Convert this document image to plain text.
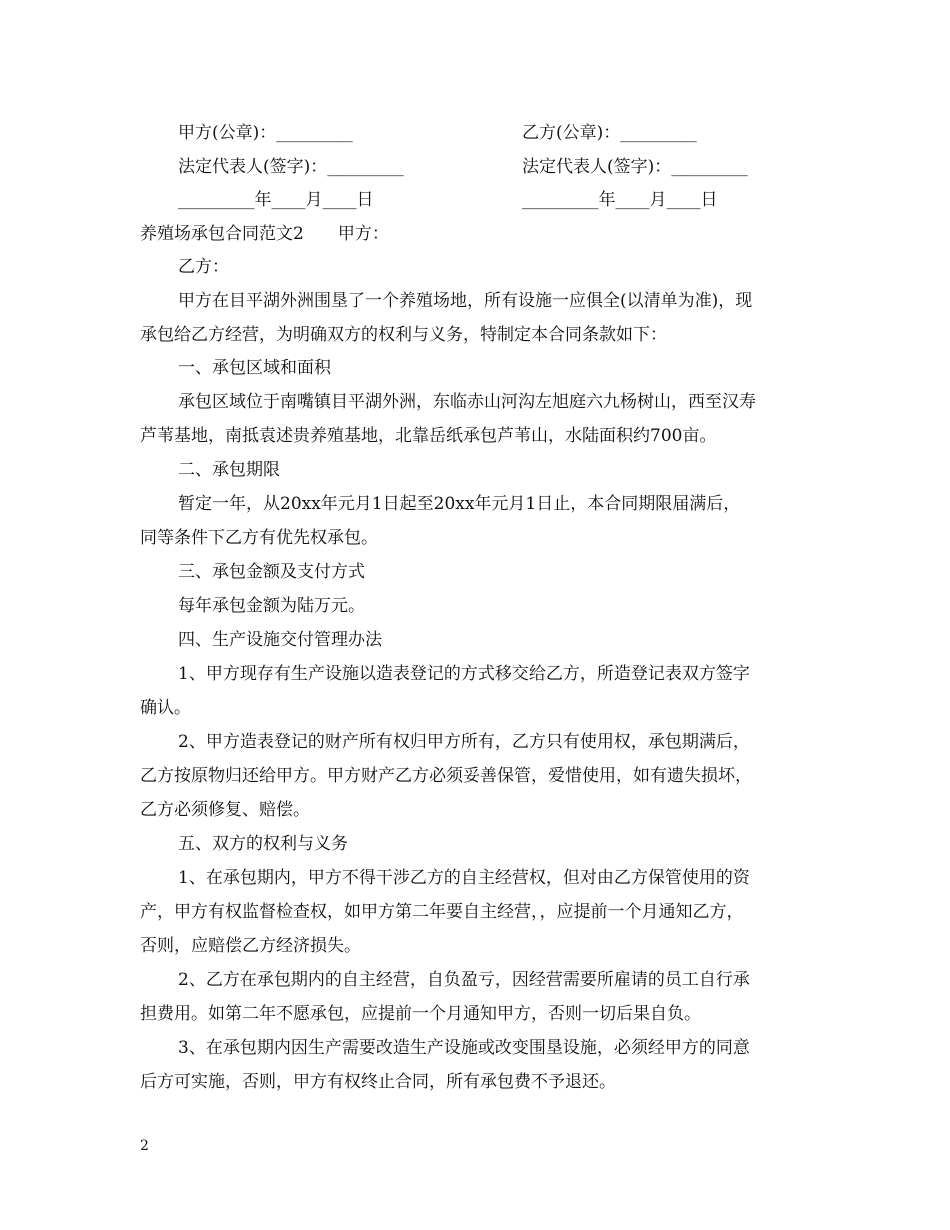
甲方(公章)：_________	乙方(公章)：_________
法定代表人(签字)：_________	法定代表人(签字)：_________
_________年____月____日	_________年____月____日
养殖场承包合同范文2　　甲方：
乙方：
甲方在目平湖外洲围垦了一个养殖场地，所有设施一应俱全(以清单为准)，现
承包给乙方经营，为明确双方的权利与义务，特制定本合同条款如下：
一、承包区域和面积
承包区域位于南嘴镇目平湖外洲，东临赤山河沟左旭庭六九杨树山，西至汉寿
芦苇基地，南抵袁述贵养殖基地，北靠岳纸承包芦苇山，水陆面积约700亩。
二、承包期限
暂定一年，从20xx年元月1日起至20xx年元月1日止，本合同期限届满后，
同等条件下乙方有优先权承包。
三、承包金额及支付方式
每年承包金额为陆万元。
四、生产设施交付管理办法
1、甲方现存有生产设施以造表登记的方式移交给乙方，所造登记表双方签字
确认。
2、甲方造表登记的财产所有权归甲方所有，乙方只有使用权，承包期满后，
乙方按原物归还给甲方。甲方财产乙方必须妥善保管，爱惜使用，如有遗失损坏，
乙方必须修复、赔偿。
五、双方的权利与义务
1、在承包期内，甲方不得干涉乙方的自主经营权，但对由乙方保管使用的资
产，甲方有权监督检查权，如甲方第二年要自主经营，，应提前一个月通知乙方，
否则，应赔偿乙方经济损失。
2、乙方在承包期内的自主经营，自负盈亏，因经营需要所雇请的员工自行承
担费用。如第二年不愿承包，应提前一个月通知甲方，否则一切后果自负。
3、在承包期内因生产需要改造生产设施或改变围垦设施，必须经甲方的同意
后方可实施，否则，甲方有权终止合同，所有承包费不予退还。
2
